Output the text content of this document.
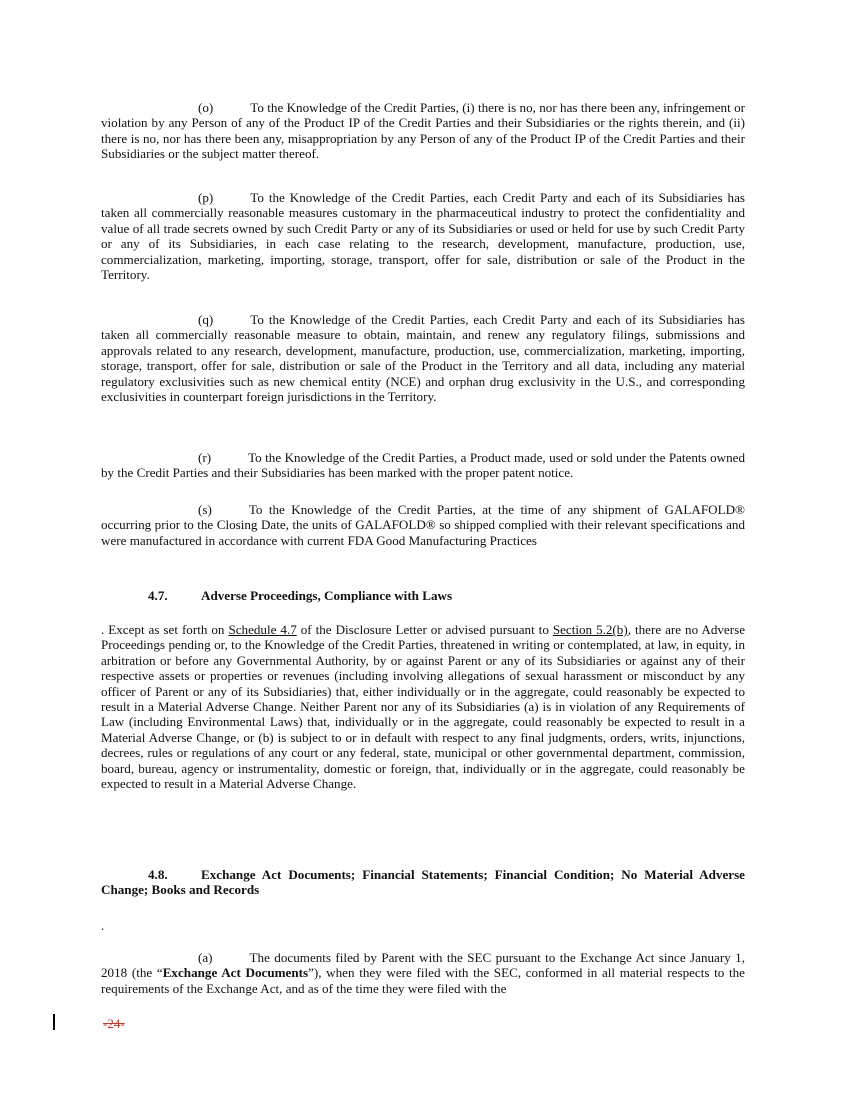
(o)	To the Knowledge of the Credit Parties, (i) there is no, nor has there been any, infringement or violation by any Person of any of the Product IP of the Credit Parties and their Subsidiaries or the rights therein, and (ii) there is no, nor has there been any, misappropriation by any Person of any of the Product IP of the Credit Parties and their Subsidiaries or the subject matter thereof.

(p)	To the Knowledge of the Credit Parties, each Credit Party and each of its Subsidiaries has taken all commercially reasonable measures customary in the pharmaceutical industry to protect the confidentiality and value of all trade secrets owned by such Credit Party or any of its Subsidiaries or used or held for use by such Credit Party or any of its Subsidiaries, in each case relating to the research, development, manufacture, production, use, commercialization, marketing, importing, storage, transport, offer for sale, distribution or sale of the Product in the Territory.

(q)	To the Knowledge of the Credit Parties, each Credit Party and each of its Subsidiaries has taken all commercially reasonable measure to obtain, maintain, and renew any regulatory filings, submissions and approvals related to any research, development, manufacture, production, use, commercialization, marketing, importing, storage, transport, offer for sale, distribution or sale of the Product in the Territory and all data, including any material regulatory exclusivities such as new chemical entity (NCE) and orphan drug exclusivity in the U.S., and corresponding exclusivities in counterpart foreign jurisdictions in the Territory.

(r)	To the Knowledge of the Credit Parties, a Product made, used or sold under the Patents owned by the Credit Parties and their Subsidiaries has been marked with the proper patent notice.

(s)	To the Knowledge of the Credit Parties, at the time of any shipment of GALAFOLD® occurring prior to the Closing Date, the units of GALAFOLD® so shipped complied with their relevant specifications and were manufactured in accordance with current FDA Good Manufacturing Practices

4.7.	Adverse Proceedings, Compliance with Laws

. Except as set forth on Schedule 4.7 of the Disclosure Letter or advised pursuant to Section 5.2(b), there are no Adverse Proceedings pending or, to the Knowledge of the Credit Parties, threatened in writing or contemplated, at law, in equity, in arbitration or before any Governmental Authority, by or against Parent or any of its Subsidiaries or against any of their respective assets or properties or revenues (including involving allegations of sexual harassment or misconduct by any officer of Parent or any of its Subsidiaries) that, either individually or in the aggregate, could reasonably be expected to result in a Material Adverse Change. Neither Parent nor any of its Subsidiaries (a) is in violation of any Requirements of Law (including Environmental Laws) that, individually or in the aggregate, could reasonably be expected to result in a Material Adverse Change, or (b) is subject to or in default with respect to any final judgments, orders, writs, injunctions, decrees, rules or regulations of any court or any federal, state, municipal or other governmental department, commission, board, bureau, agency or instrumentality, domestic or foreign, that, individually or in the aggregate, could reasonably be expected to result in a Material Adverse Change.

4.8.	Exchange Act Documents; Financial Statements; Financial Condition; No Material Adverse Change; Books and Records

.

(a)	The documents filed by Parent with the SEC pursuant to the Exchange Act since January 1, 2018 (the “Exchange Act Documents”), when they were filed with the SEC, conformed in all material respects to the requirements of the Exchange Act, and as of the time they were filed with the

-24-
